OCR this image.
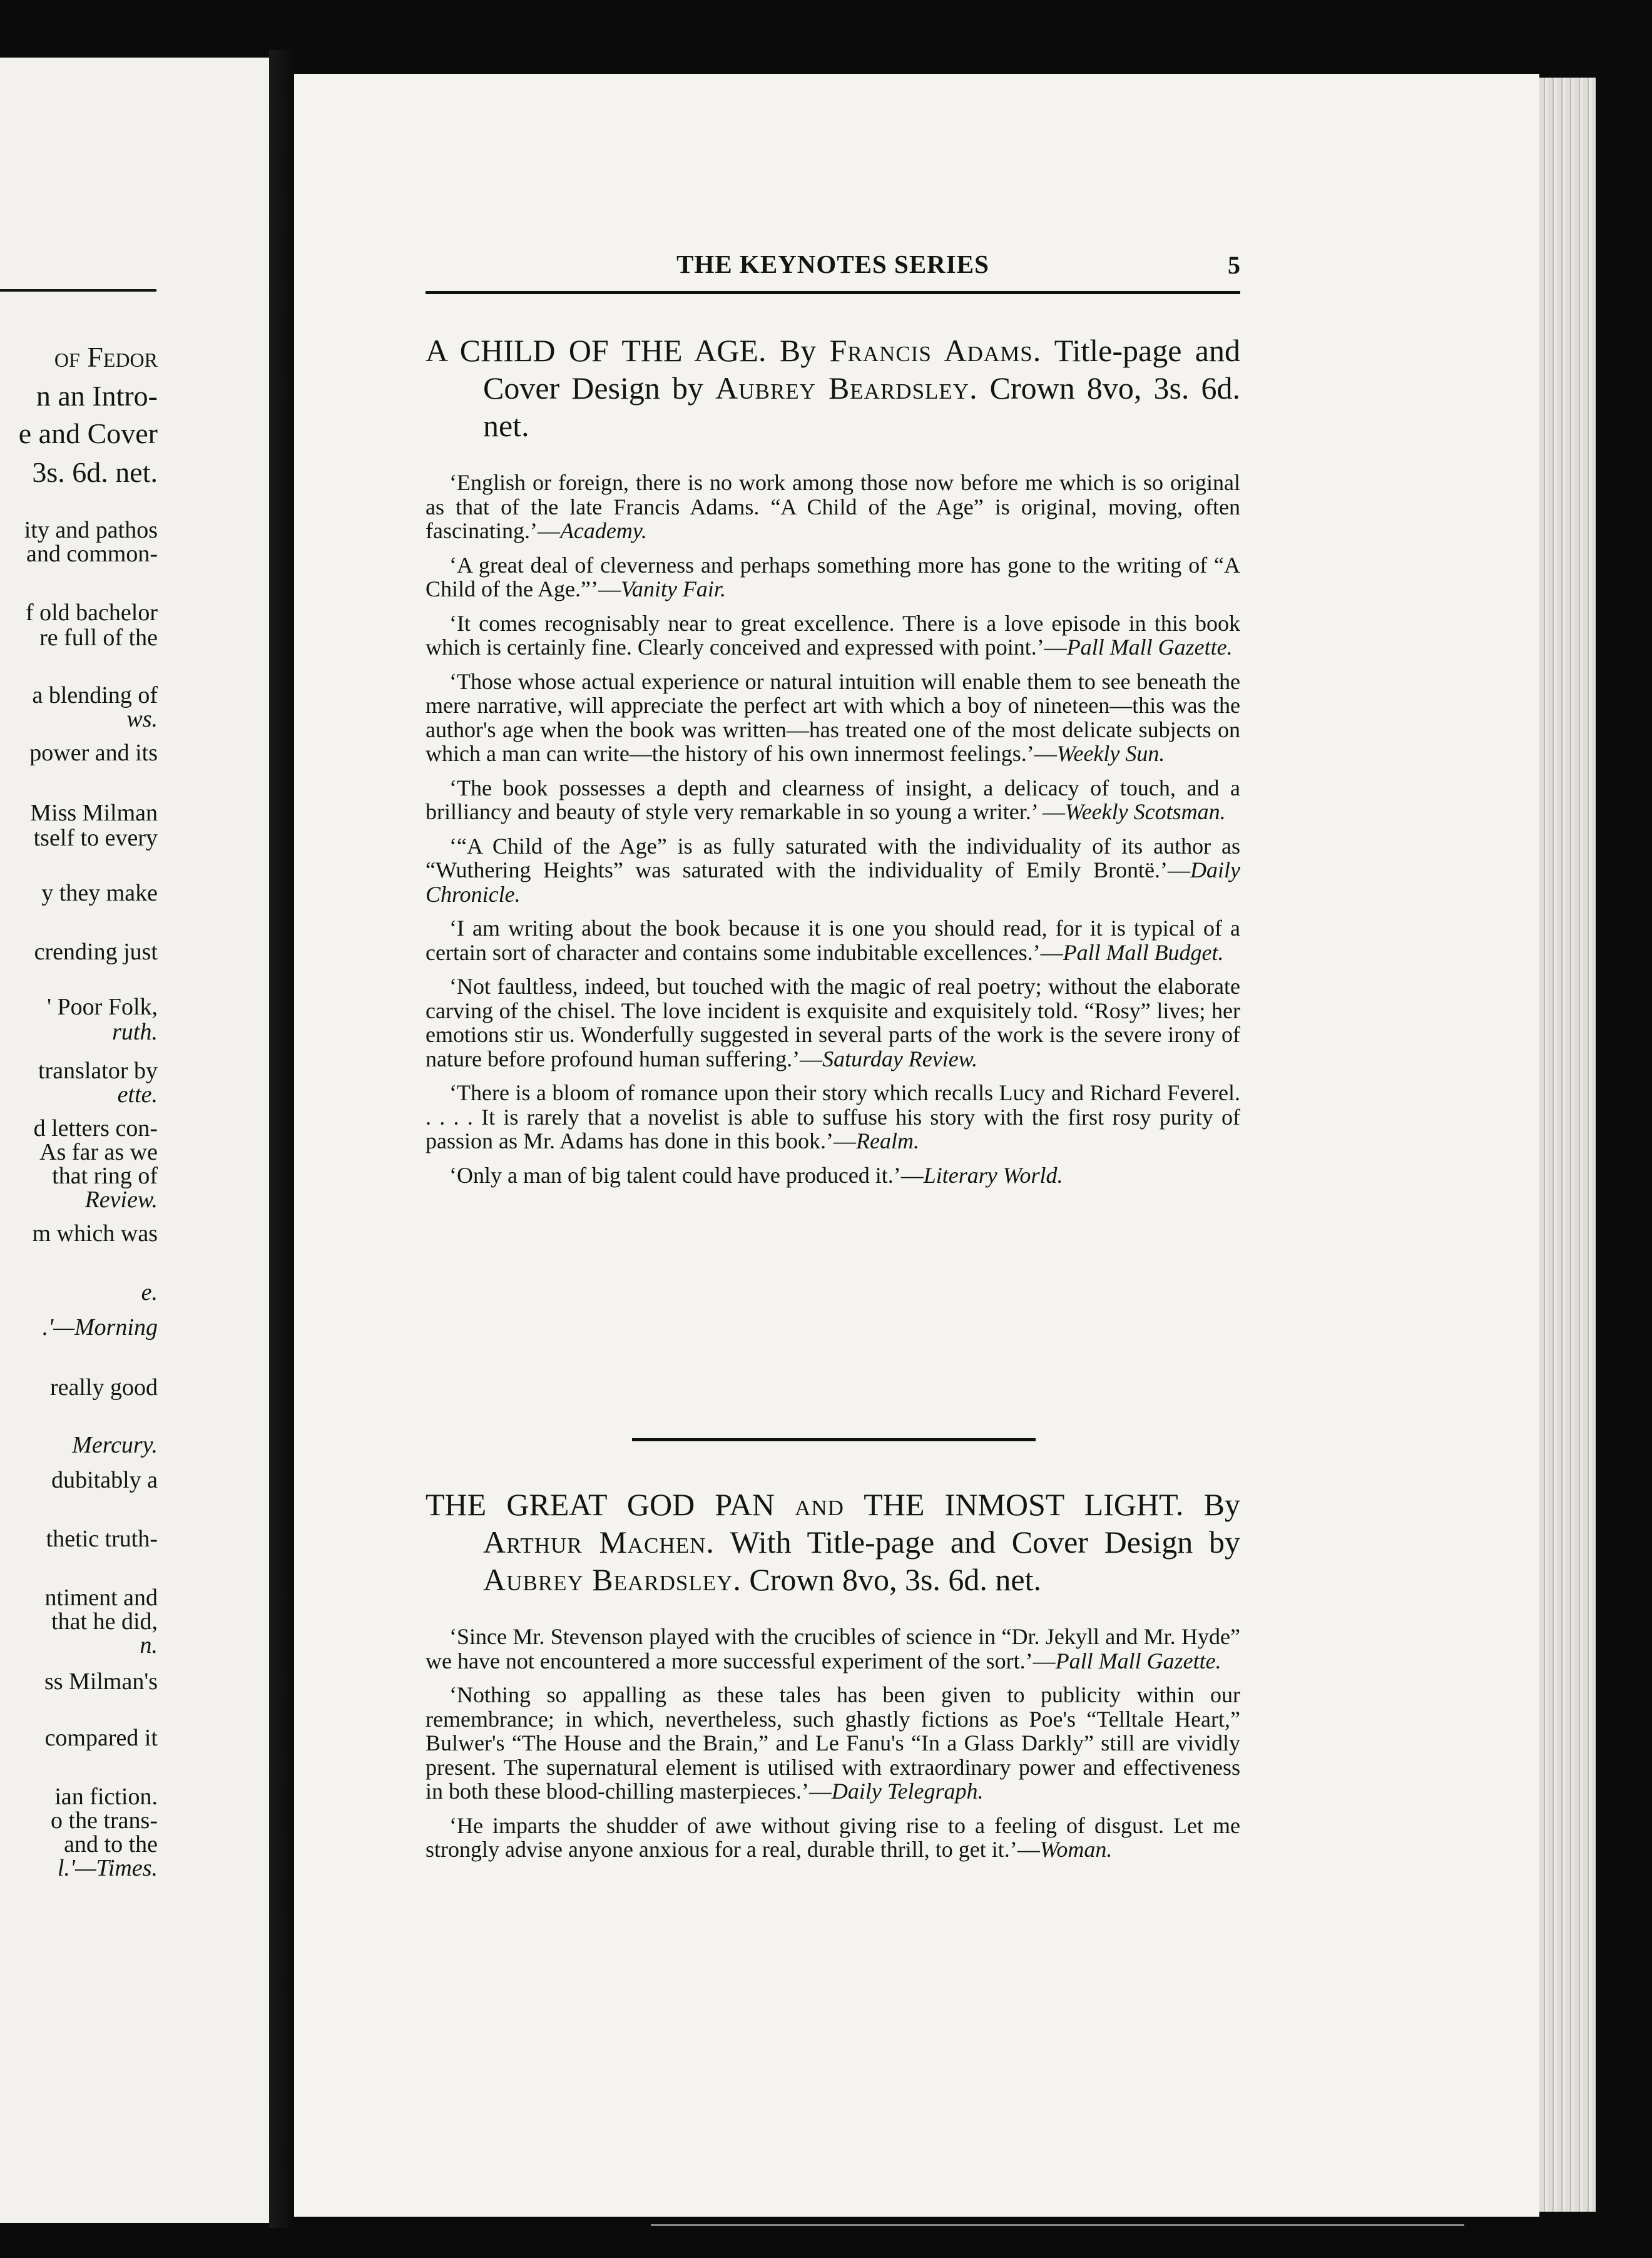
of Fedor
n an Intro-
e and Cover
3s. 6d. net.
ity and pathos
and common-
f old bachelor
re full of the
a blending of
ws.
power and its
Miss Milman
tself to every
y they make
crending just
' Poor Folk,
ruth.
translator by
ette.
d letters con-
As far as we
that ring of
Review.
m which was
e.
.'—Morning
really good
Mercury.
dubitably a
thetic truth-
ntiment and
that he did,
n.
ss Milman's
compared it
ian fiction.
o the trans-
and to the
l.'—Times.
THE KEYNOTES SERIES	5

A CHILD OF THE AGE. By Francis Adams. Title-page and Cover Design by Aubrey Beardsley. Crown 8vo, 3s. 6d. net.

‘English or foreign, there is no work among those now before me which is so original as that of the late Francis Adams. “A Child of the Age” is original, moving, often fascinating.’—Academy.

‘A great deal of cleverness and perhaps something more has gone to the writing of “A Child of the Age.”’—Vanity Fair.

‘It comes recognisably near to great excellence. There is a love episode in this book which is certainly fine. Clearly conceived and expressed with point.’—Pall Mall Gazette.

‘Those whose actual experience or natural intuition will enable them to see beneath the mere narrative, will appreciate the perfect art with which a boy of nineteen—this was the author's age when the book was written—has treated one of the most delicate subjects on which a man can write—the history of his own innermost feelings.’—Weekly Sun.

‘The book possesses a depth and clearness of insight, a delicacy of touch, and a brilliancy and beauty of style very remarkable in so young a writer.’ —Weekly Scotsman.

‘“A Child of the Age” is as fully saturated with the individuality of its author as “Wuthering Heights” was saturated with the individuality of Emily Brontë.’—Daily Chronicle.

‘I am writing about the book because it is one you should read, for it is typical of a certain sort of character and contains some indubitable excellences.’—Pall Mall Budget.

‘Not faultless, indeed, but touched with the magic of real poetry; without the elaborate carving of the chisel. The love incident is exquisite and exquisitely told. “Rosy” lives; her emotions stir us. Wonderfully suggested in several parts of the work is the severe irony of nature before profound human suffering.’—Saturday Review.

‘There is a bloom of romance upon their story which recalls Lucy and Richard Feverel. . . . . It is rarely that a novelist is able to suffuse his story with the first rosy purity of passion as Mr. Adams has done in this book.’—Realm.

‘Only a man of big talent could have produced it.’—Literary World.

THE GREAT GOD PAN and THE INMOST LIGHT. By Arthur Machen. With Title-page and Cover Design by Aubrey Beardsley. Crown 8vo, 3s. 6d. net.

‘Since Mr. Stevenson played with the crucibles of science in “Dr. Jekyll and Mr. Hyde” we have not encountered a more successful experiment of the sort.’—Pall Mall Gazette.

‘Nothing so appalling as these tales has been given to publicity within our remembrance; in which, nevertheless, such ghastly fictions as Poe's “Telltale Heart,” Bulwer's “The House and the Brain,” and Le Fanu's “In a Glass Darkly” still are vividly present. The supernatural element is utilised with extraordinary power and effectiveness in both these blood-chilling masterpieces.’—Daily Telegraph.

‘He imparts the shudder of awe without giving rise to a feeling of disgust. Let me strongly advise anyone anxious for a real, durable thrill, to get it.’—Woman.
